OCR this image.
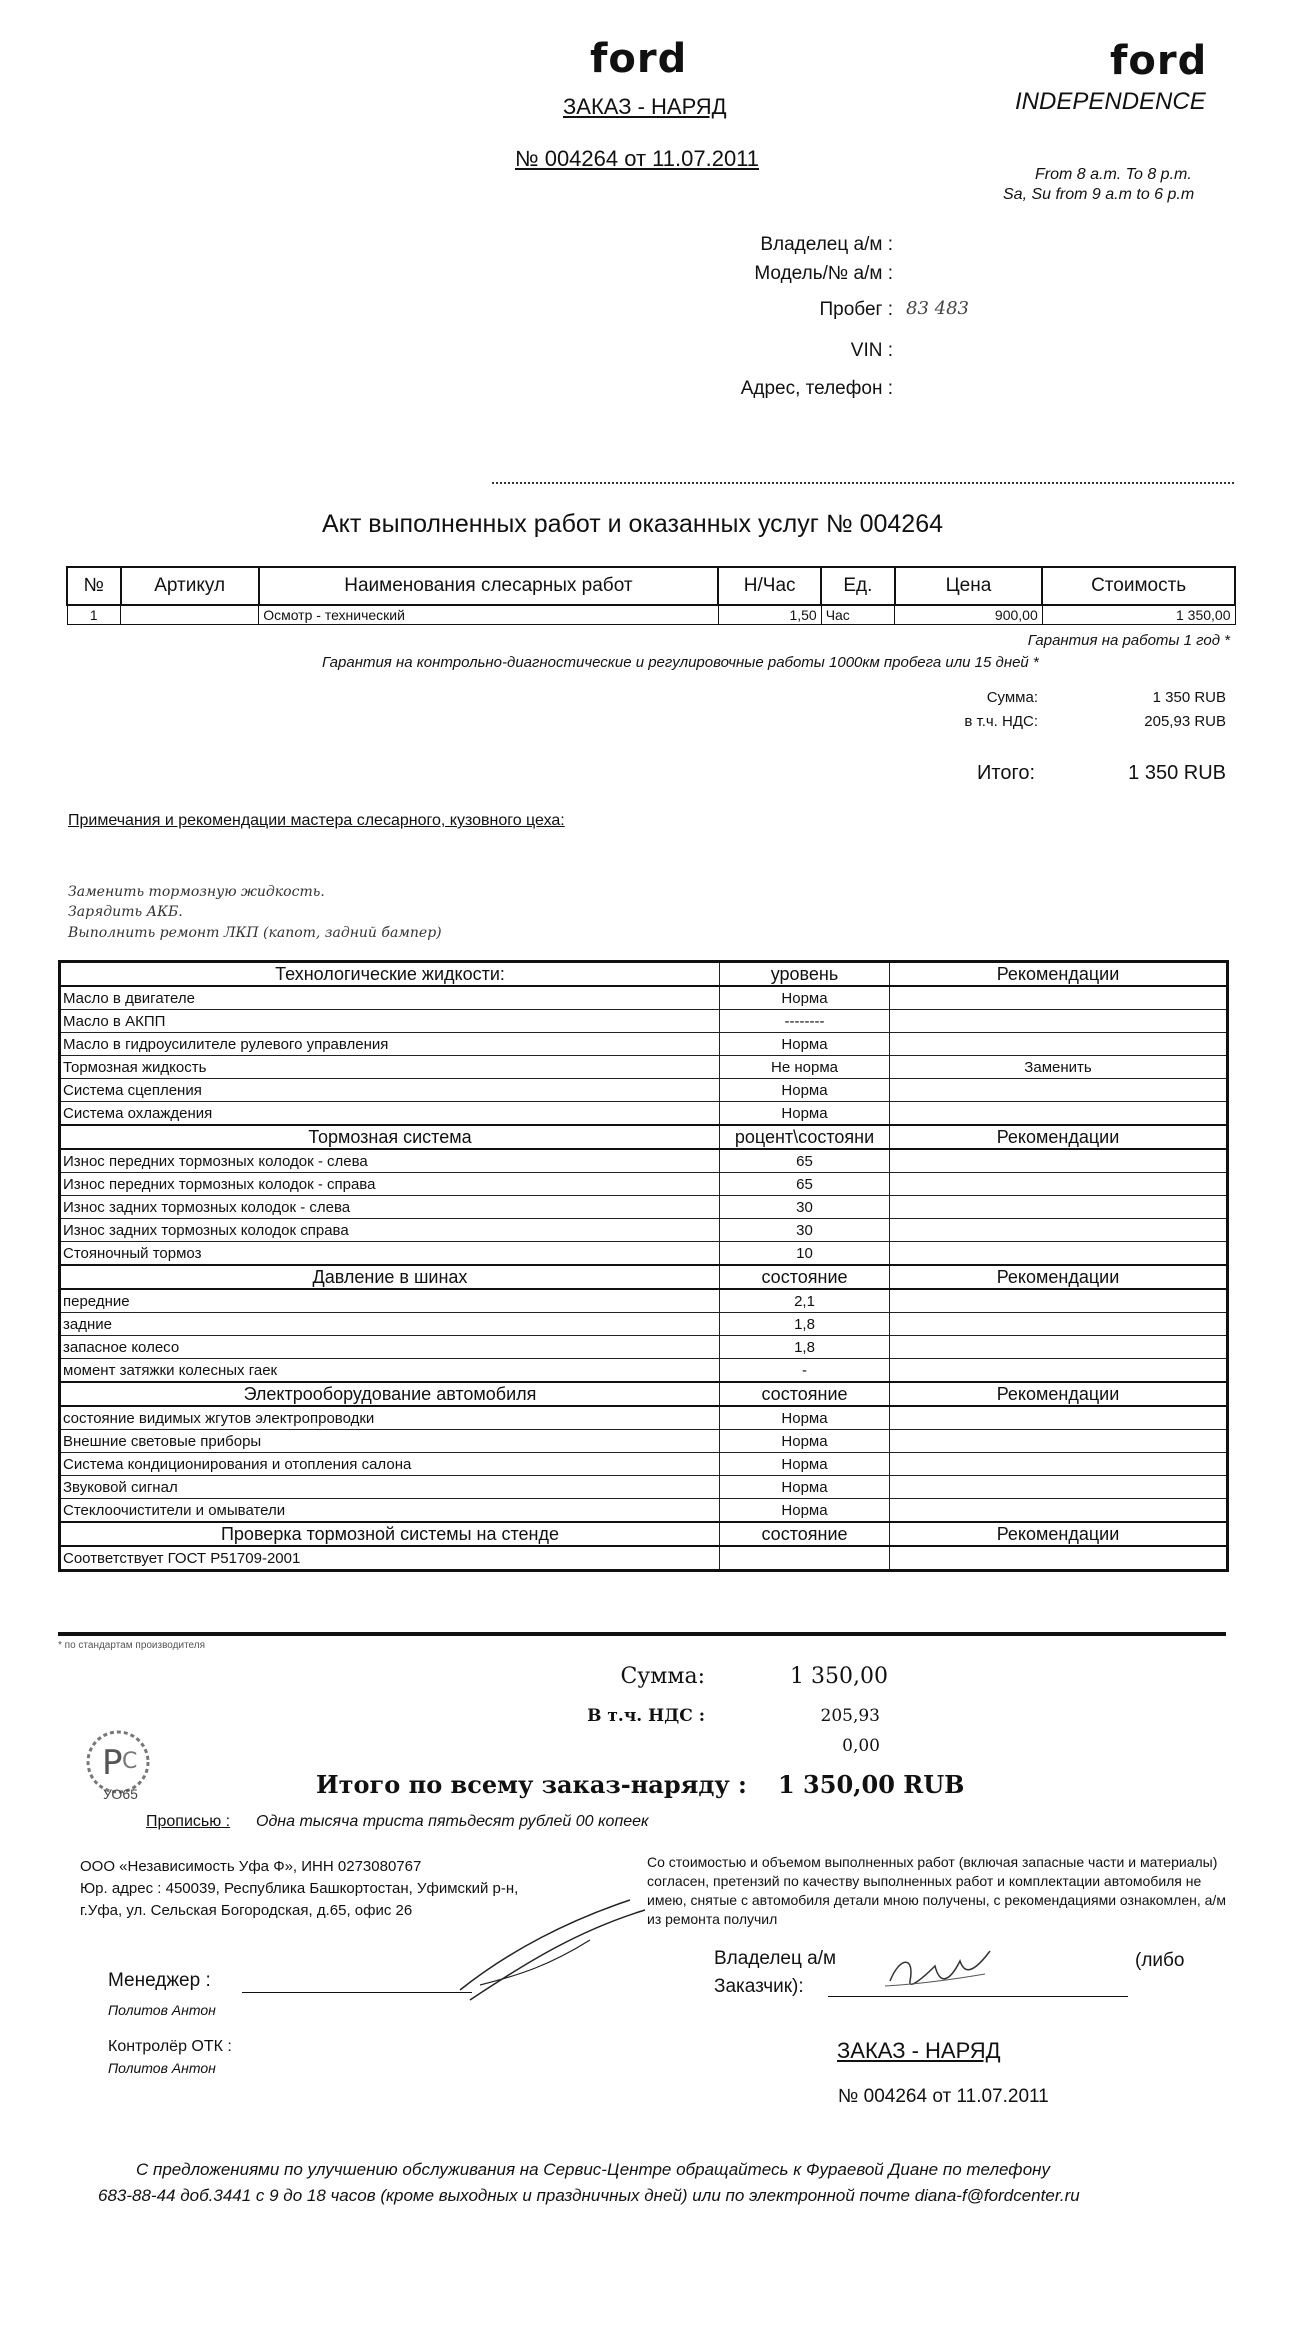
ford	ford
INDEPENDENCE
ЗАКАЗ - НАРЯД
№ 004264 от 11.07.2011
From 8 a.m. To 8 p.m.
Sa, Su from 9 a.m to 6 p.m
Владелец а/м :
Модель/№ а/м :
Пробег : 83 483
VIN :
Адрес, телефон :
Акт выполненных работ и оказанных услуг № 004264
№	Артикул	Наименования слесарных работ	Н/Час	Ед.	Цена	Стоимость
1		Осмотр - технический	1,50	Час	900,00	1 350,00
Гарантия на работы 1 год *
Гарантия на контрольно-диагностические и регулировочные работы 1000км пробега или 15 дней *
Сумма:	1 350 RUB
в т.ч. НДС:	205,93 RUB
Итого:	1 350 RUB
Примечания и рекомендации мастера слесарного, кузовного цеха:
Заменить тормозную жидкость.
Зарядить АКБ.
Выполнить ремонт ЛКП (капот, задний бампер)
Технологические жидкости:	уровень	Рекомендации
Масло в двигателе	Норма	
Масло в АКПП	--------	
Масло в гидроусилителе рулевого управления	Норма	
Тормозная жидкость	Не норма	Заменить
Система сцепления	Норма	
Система охлаждения	Норма	
Тормозная система	роцент\состояни	Рекомендации
Износ передних тормозных колодок - слева	65	
Износ передних тормозных колодок - справа	65	
Износ задних тормозных колодок - слева	30	
Износ задних тормозных колодок справа	30	
Стояночный тормоз	10	
Давление в шинах	состояние	Рекомендации
передние	2,1	
задние	1,8	
запасное колесо	1,8	
момент затяжки колесных гаек	-	
Электрооборудование автомобиля	состояние	Рекомендации
состояние видимых жгутов электропроводки	Норма	
Внешние световые приборы	Норма	
Система кондиционирования и отопления салона	Норма	
Звуковой сигнал	Норма	
Стеклоочистители и омыватели	Норма	
Проверка тормозной системы на стенде	состояние	Рекомендации
Соответствует ГОСТ Р51709-2001		
* по стандартам производителя
Сумма:	1 350,00
В т.ч. НДС :	205,93
0,00
Итого по всему заказ-наряду : 1 350,00 RUB
Р С
УО65
Прописью : Одна тысяча триста пятьдесят рублей 00 копеек
ООО «Независимость Уфа Ф», ИНН 0273080767
Юр. адрес : 450039, Республика Башкортостан, Уфимский р-н,
г.Уфа, ул. Сельская Богородская, д.65, офис 26
Со стоимостью и объемом выполненных работ (включая запасные части и материалы) согласен, претензий по качеству выполненных работ и комплектации автомобиля не имею, снятые с автомобиля детали мною получены, с рекомендациями ознакомлен, а/м из ремонта получил
Менеджер :
Политов Антон
Контролёр ОТК :
Политов Антон
Владелец а/м
Заказчик):
(либо
ЗАКАЗ - НАРЯД
№ 004264 от 11.07.2011
С предложениями по улучшению обслуживания на Сервис-Центре обращайтесь к Фураевой Диане по телефону
683-88-44 доб.3441 с 9 до 18 часов (кроме выходных и праздничных дней) или по электронной почте diana-f@fordcenter.ru
